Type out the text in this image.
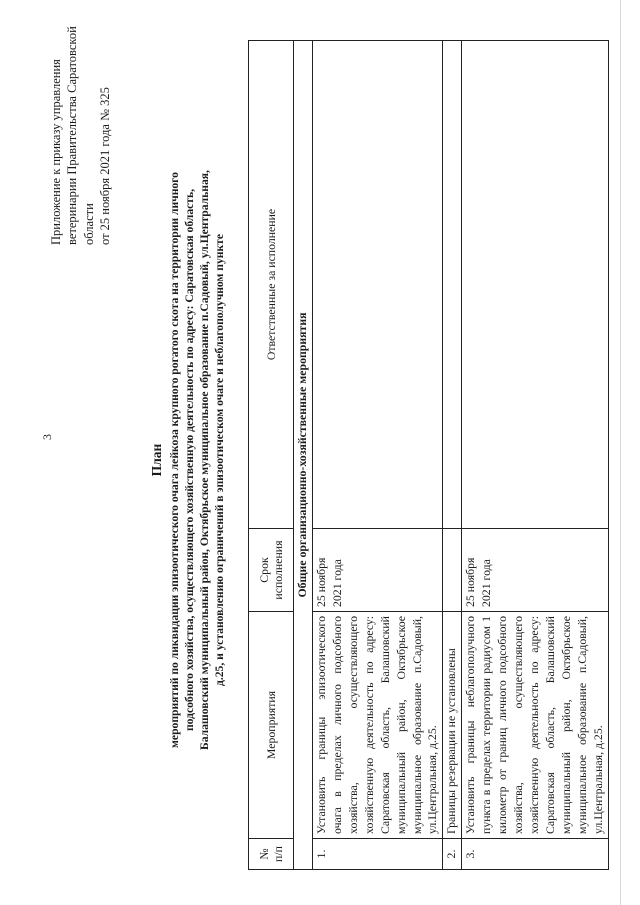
3
Приложение к приказу управления ветеринарии Правительства Саратовской области от 25 ноября 2021 года № 325
План мероприятий по ликвидации эпизоотического очага лейкоза крупного рогатого скота на территории личного подсобного хозяйства, осуществляющего хозяйственную деятельность по адресу: Саратовская область, Балашовский муниципальный район, Октябрьское муниципальное образование п.Садовый, ул.Центральная, д.25, и установлению ограничений в эпизоотическом очаге и неблагополучном пункте
№ п/п	Мероприятия	Срок исполнения	Ответственные за исполнение
Общие организационно-хозяйственные мероприятия			
1.	Установить границы эпизоотического очага в пределах личного подсобного хозяйства, осуществляющего хозяйственную деятельность по адресу: Саратовская область, Балашовский муниципальный район, Октябрьское муниципальное образование п.Садовый, ул.Центральная, д.25.	25 ноября 2021 года	
2.	Границы резервации не установлены		
3.	Установить границы неблагополучного пункта в пределах территории радиусом 1 километр от границ личного подсобного хозяйства, осуществляющего хозяйственную деятельность по адресу: Саратовская область, Балашовский муниципальный район, Октябрьское муниципальное образование п.Садовый, ул.Центральная, д.25.	25 ноября 2021 года	
